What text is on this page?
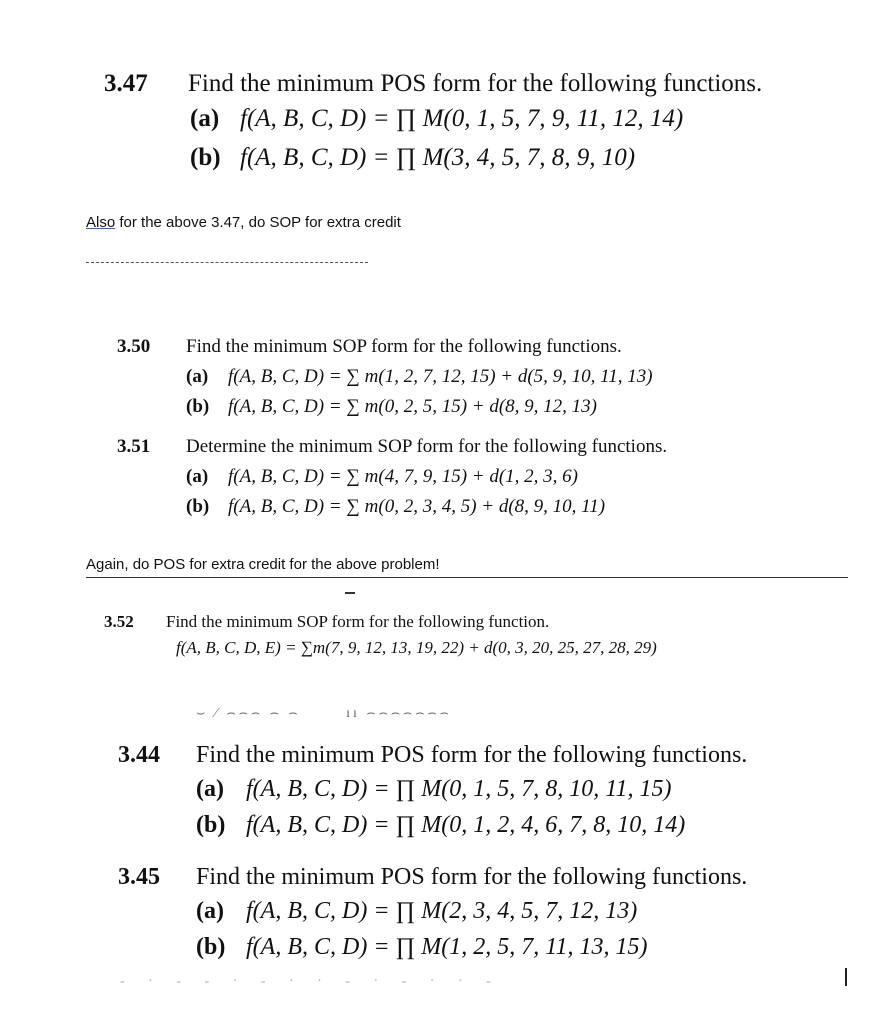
3.47 Find the minimum POS form for the following functions.
(a) f(A, B, C, D) = ∏ M(0, 1, 5, 7, 9, 11, 12, 14)
(b) f(A, B, C, D) = ∏ M(3, 4, 5, 7, 8, 9, 10)
Also for the above 3.47, do SOP for extra credit
3.50 Find the minimum SOP form for the following functions.
(a) f(A, B, C, D) = ∑ m(1, 2, 7, 12, 15) + d(5, 9, 10, 11, 13)
(b) f(A, B, C, D) = ∑ m(0, 2, 5, 15) + d(8, 9, 12, 13)
3.51 Determine the minimum SOP form for the following functions.
(a) f(A, B, C, D) = ∑ m(4, 7, 9, 15) + d(1, 2, 3, 6)
(b) f(A, B, C, D) = ∑ m(0, 2, 3, 4, 5) + d(8, 9, 10, 11)
Again, do POS for extra credit for the above problem!
3.52 Find the minimum SOP form for the following function.
f(A, B, C, D, E) = ∑m(7, 9, 12, 13, 19, 22) + d(0, 3, 20, 25, 27, 28, 29)
⌣ ⁄ ⌢⌢⌢ ⌢ ⌢       ıı ⌢⌢⌢⌢⌢⌢⌢
3.44 Find the minimum POS form for the following functions.
(a) f(A, B, C, D) = ∏ M(0, 1, 5, 7, 8, 10, 11, 15)
(b) f(A, B, C, D) = ∏ M(0, 1, 2, 4, 6, 7, 8, 10, 14)
3.45 Find the minimum POS form for the following functions.
(a) f(A, B, C, D) = ∏ M(2, 3, 4, 5, 7, 12, 13)
(b) f(A, B, C, D) = ∏ M(1, 2, 5, 7, 11, 13, 15)
- · - - · - · · - · - · · -
